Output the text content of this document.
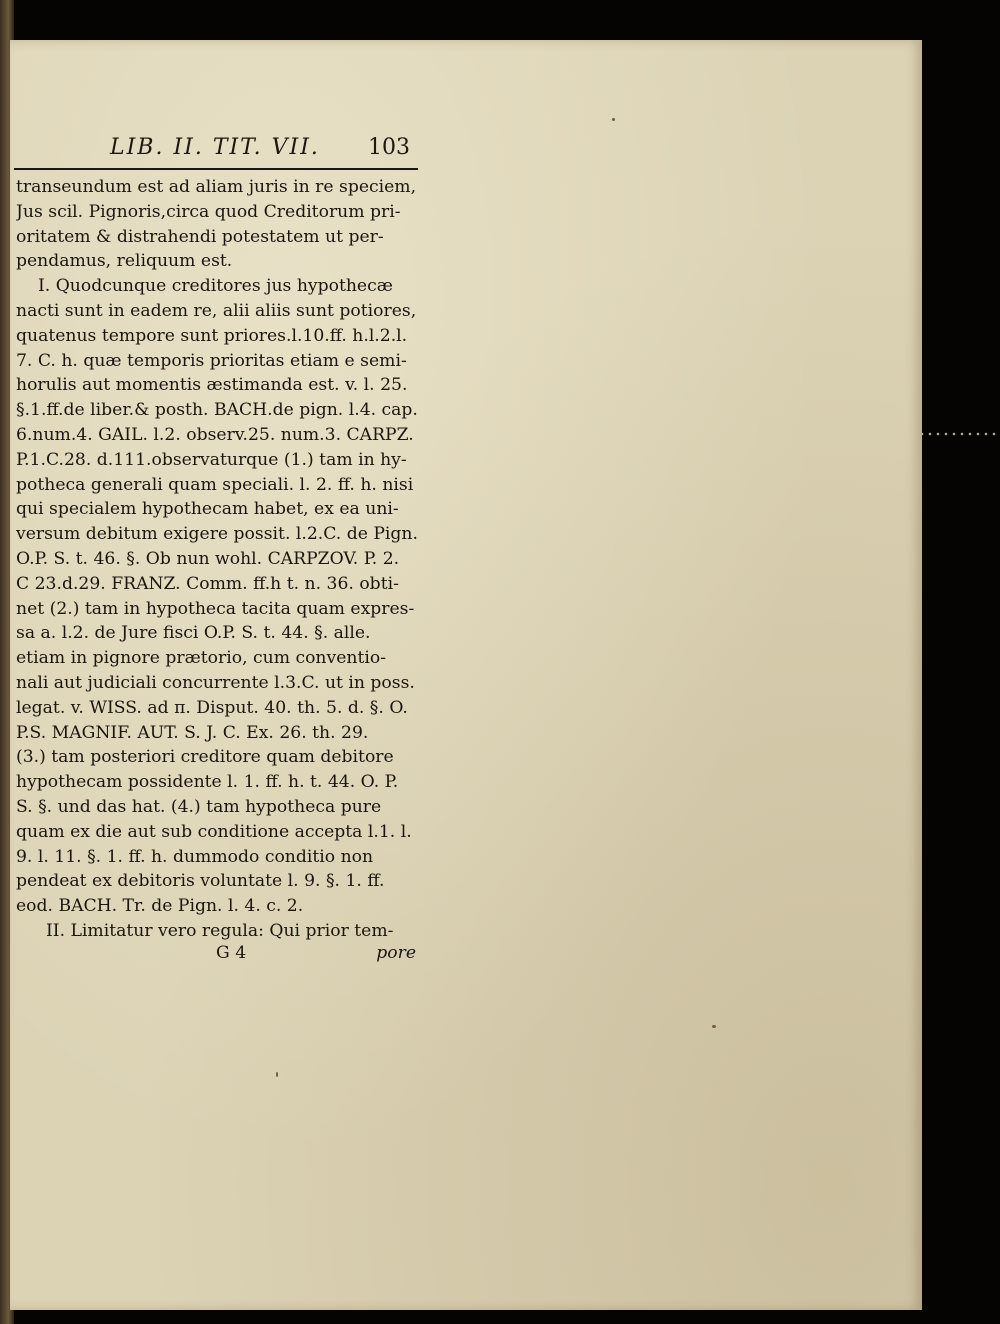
LIB. II. TIT. VII. 103
transeundum est ad aliam juris in re speciem,
Jus scil. Pignoris,circa quod Creditorum pri-
oritatem & distrahendi potestatem ut per-
pendamus, reliquum est.
I. Quodcunque creditores jus hypothecæ
nacti sunt in eadem re, alii aliis sunt potiores,
quatenus tempore sunt priores.l.10.ff. h.l.2.l.
7. C. h. quæ temporis prioritas etiam e semi-
horulis aut momentis æstimanda est. v. l. 25.
§.1.ff.de liber.& posth. BACH.de pign. l.4. cap.
6.num.4. GAIL. l.2. observ.25. num.3. CARPZ.
P.1.C.28. d.111.observaturque (1.) tam in hy-
potheca generali quam speciali. l. 2. ff. h. nisi
qui specialem hypothecam habet, ex ea uni-
versum debitum exigere possit. l.2.C. de Pign.
O.P. S. t. 46. §. Ob nun wohl. CARPZOV. P. 2.
C 23.d.29. FRANZ. Comm. ff.h t. n. 36. obti-
net (2.) tam in hypotheca tacita quam expres-
sa a. l.2. de Jure fisci O.P. S. t. 44. §. alle.
etiam in pignore prætorio, cum conventio-
nali aut judiciali concurrente l.3.C. ut in poss.
legat. v. WISS. ad π. Disput. 40. th. 5. d. §. O.
P.S. MAGNIF. AUT. S. J. C. Ex. 26. th. 29.
(3.) tam posteriori creditore quam debitore
hypothecam possidente l. 1. ff. h. t. 44. O. P.
S. §. und das hat. (4.) tam hypotheca pure
quam ex die aut sub conditione accepta l.1. l.
9. l. 11. §. 1. ff. h. dummodo conditio non
pendeat ex debitoris voluntate l. 9. §. 1. ff.
eod. BACH. Tr. de Pign. l. 4. c. 2.
II. Limitatur vero regula: Qui prior tem-
G 4	pore
